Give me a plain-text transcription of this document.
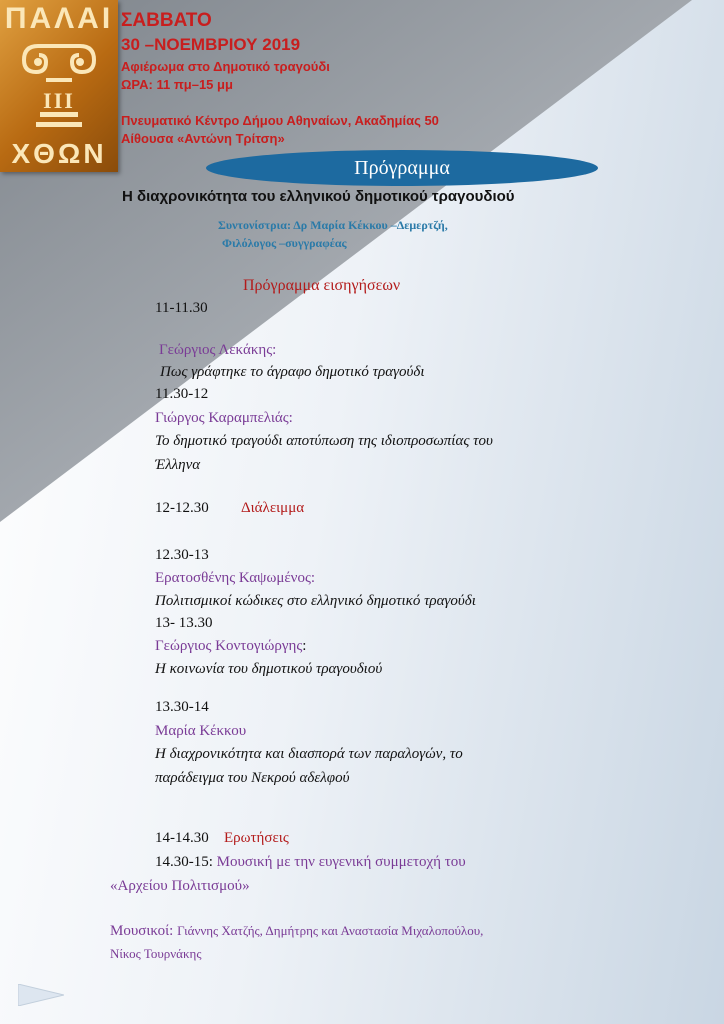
ΠΑΛΑΙ
III
ΧΘΩΝ
ΣΑΒΒΑΤΟ
30 –ΝΟΕΜΒΡΙΟΥ 2019
Αφιέρωμα στο Δημοτικό τραγούδι
ΩΡΑ: 11 πμ–15 μμ
Πνευματικό Κέντρο Δήμου Αθηναίων, Ακαδημίας 50
Αίθουσα «Αντώνη Τρίτση»
Πρόγραμμα
Η διαχρονικότητα του ελληνικού δημοτικού τραγουδιού
Συντονίστρια: Δρ Μαρία Κέκκου –Δεμερτζή,
Φιλόλογος –συγγραφέας
Πρόγραμμα εισηγήσεων
11-11.30
Γεώργιος Λεκάκης:
Πως γράφτηκε το άγραφο δημοτικό τραγούδι
11.30-12
Γιώργος Καραμπελιάς:
Το δημοτικό τραγούδι αποτύπωση της ιδιοπροσωπίας του
Έλληνα
12-12.30 Διάλειμμα
12.30-13
Ερατοσθένης Καψωμένος:
Πολιτισμικοί κώδικες στο ελληνικό δημοτικό τραγούδι
13- 13.30
Γεώργιος Κοντογιώργης:
Η κοινωνία του δημοτικού τραγουδιού
13.30-14
Μαρία Κέκκου
Η διαχρονικότητα και διασπορά των παραλογών, το
παράδειγμα του Νεκρού αδελφού
14-14.30 Ερωτήσεις
14.30-15: Μουσική με την ευγενική συμμετοχή του
«Αρχείου Πολιτισμού»
Μουσικοί: Γιάννης Χατζής, Δημήτρης και Αναστασία Μιχαλοπούλου,
Νίκος Τουρνάκης
